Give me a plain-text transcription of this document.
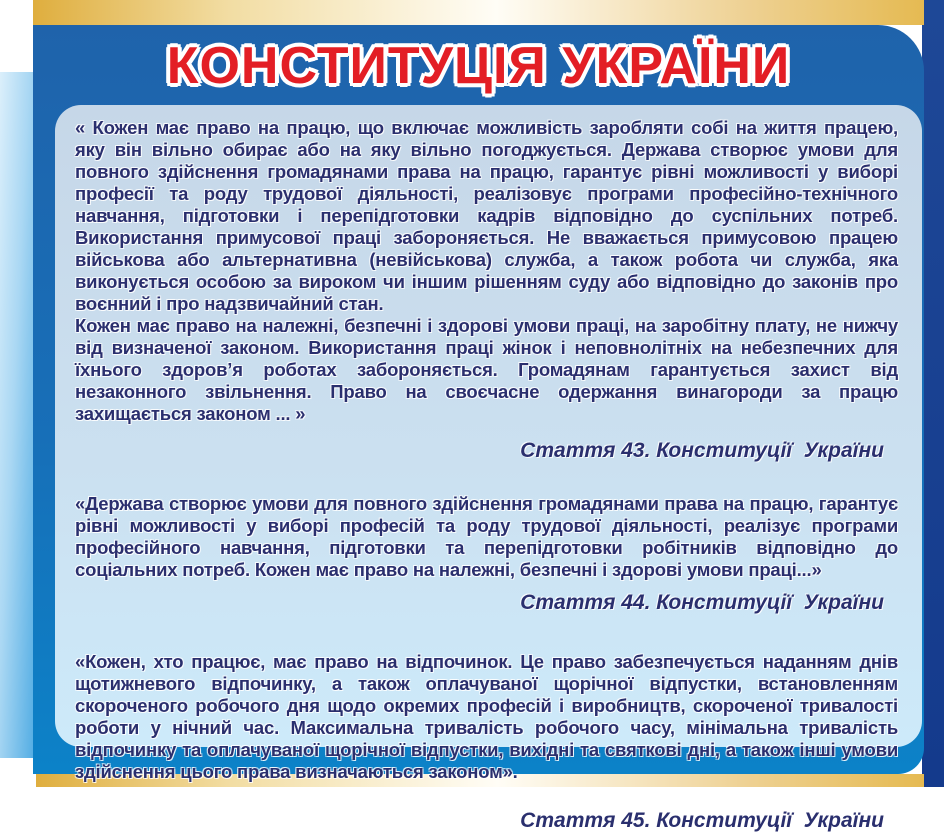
КОНСТИТУЦІЯ УКРАЇНИ

« Кожен має право на працю, що включає можливість заробляти собі на життя працею, яку він вільно обирає або на яку вільно погоджується. Держава створює умови для повного здійснення громадянами права на працю, гарантує рівні можливості у виборі професії та роду трудової діяльності, реалізовує програми професійно-технічного навчання, підготовки і перепідготовки кадрів відповідно до суспільних потреб. Використання примусової праці забороняється. Не вважається примусовою працею військова або альтернативна (невійськова) служба, а також робота чи служба, яка виконується особою за вироком чи іншим рішенням суду або відповідно до законів про воєнний і про надзвичайний стан.

Кожен має право на належні, безпечні і здорові умови праці, на заробітну плату, не нижчу від визначеної законом. Використання праці жінок і неповнолітніх на небезпечних для їхнього здоров’я роботах забороняється. Громадянам гарантується захист від незаконного звільнення. Право на своєчасне одержання винагороди за працю захищається законом ... »

Стаття 43. Конституції  України

«Держава створює умови для повного здійснення громадянами права на працю, гарантує рівні можливості у виборі професій та роду трудової діяльності, реалізує програми професійного навчання, підготовки та перепідготовки робітників відповідно до соціальних потреб. Кожен має право на належні, безпечні і здорові умови праці...»

Стаття 44. Конституції  України

«Кожен, хто працює, має право на відпочинок. Це право забезпечується наданням днів щотижневого відпочинку, а також оплачуваної щорічної відпустки, встановленням скороченого робочого дня щодо окремих професій і виробництв, скороченої тривалості роботи у нічний час. Максимальна тривалість робочого часу, мінімальна тривалість відпочинку та оплачуваної щорічної відпустки, вихідні та святкові дні, а також інші умови здійснення цього права визначаються законом».

Стаття 45. Конституції  України
